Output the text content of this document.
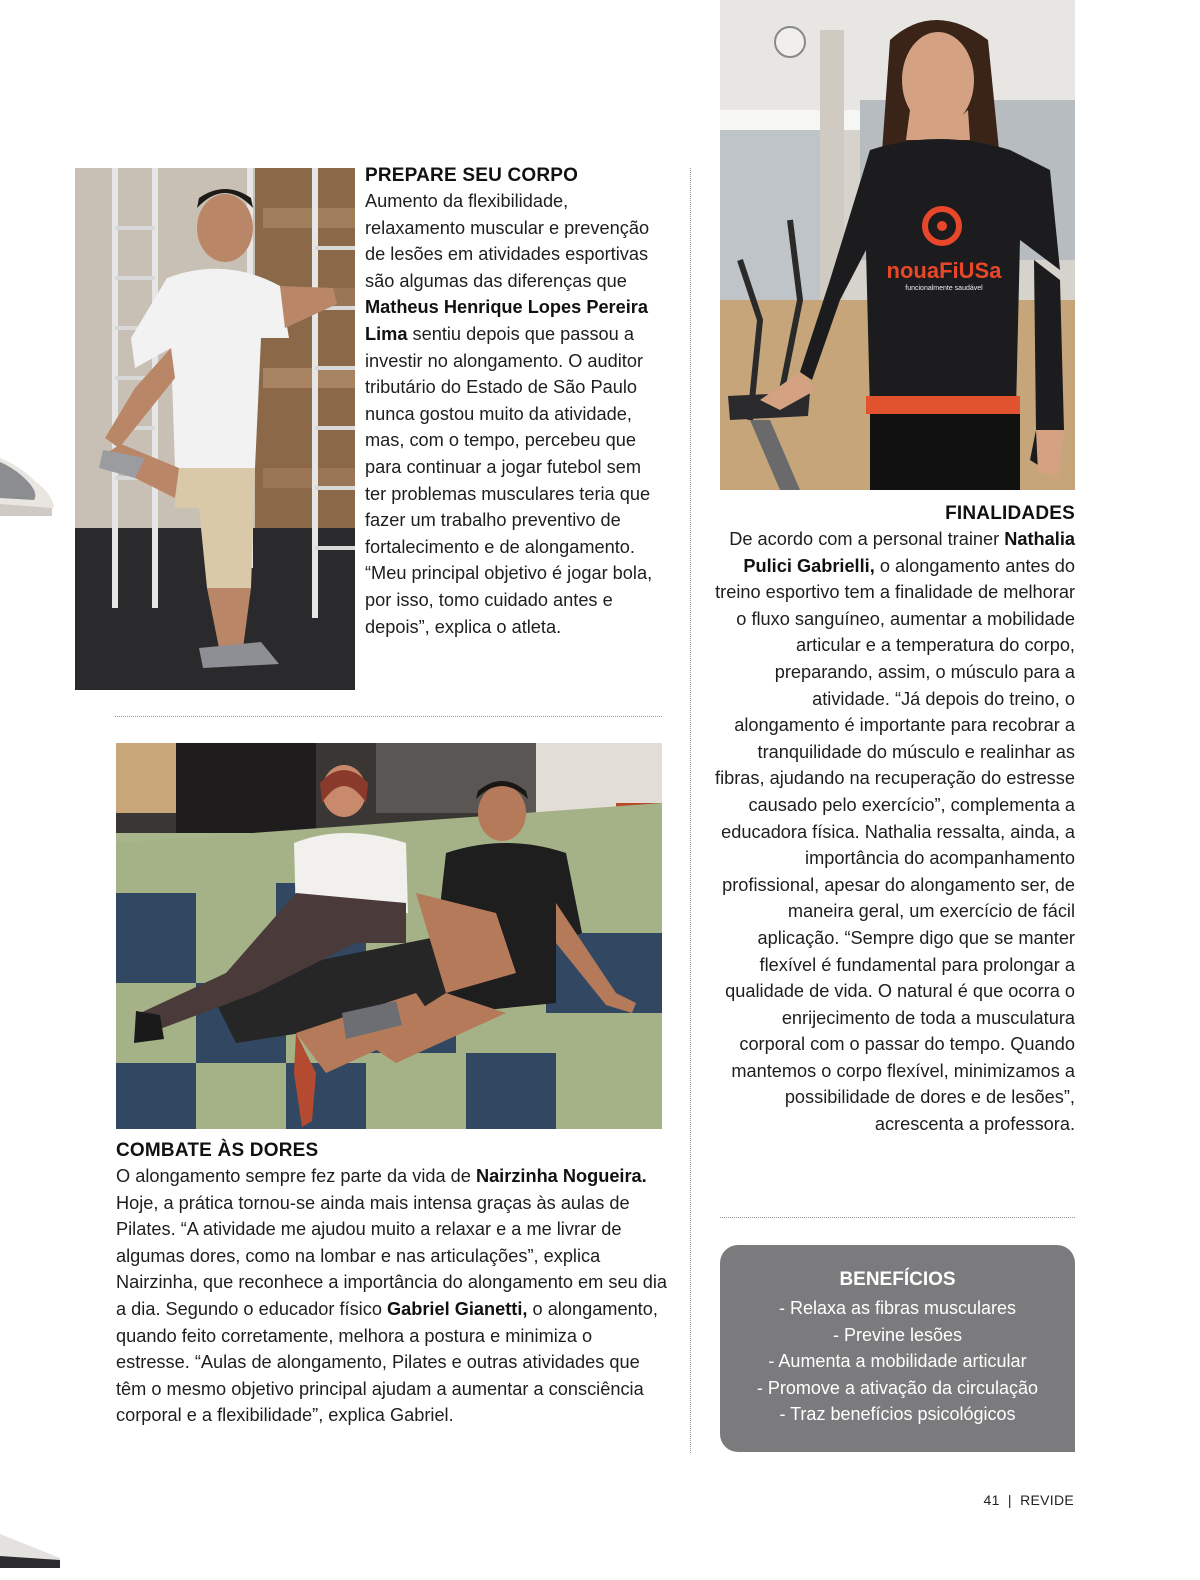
PREPARE SEU CORPO

Aumento da flexibilidade, relaxamento muscular e prevenção de lesões em atividades esportivas são algumas das diferenças que Matheus Henrique Lopes Pereira Lima sentiu depois que passou a investir no alongamento. O auditor tributário do Estado de São Paulo nunca gostou muito da atividade, mas, com o tempo, percebeu que para continuar a jogar futebol sem ter problemas musculares teria que fazer um trabalho preventivo de fortalecimento e de alongamento. “Meu principal objetivo é jogar bola, por isso, tomo cuidado antes e depois”, explica o atleta.

COMBATE ÀS DORES

O alongamento sempre fez parte da vida de Nairzinha Nogueira. Hoje, a prática tornou-se ainda mais intensa graças às aulas de Pilates. “A atividade me ajudou muito a relaxar e a me livrar de algumas dores, como na lombar e nas articulações”, explica Nairzinha, que reconhece a importância do alongamento em seu dia a dia. Segundo o educador físico Gabriel Gianetti, o alongamento, quando feito corretamente, melhora a postura e minimiza o estresse. “Aulas de alongamento, Pilates e outras atividades que têm o mesmo objetivo principal ajudam a aumentar a consciência corporal e a flexibilidade”, explica Gabriel.

nouaFiUSa
funcionalmente saudável

FINALIDADES

De acordo com a personal trainer Nathalia Pulici Gabrielli, o alongamento antes do treino esportivo tem a finalidade de melhorar o fluxo sanguíneo, aumentar a mobilidade articular e a temperatura do corpo, preparando, assim, o músculo para a atividade. “Já depois do treino, o alongamento é importante para recobrar a tranquilidade do músculo e realinhar as fibras, ajudando na recuperação do estresse causado pelo exercício”, complementa a educadora física. Nathalia ressalta, ainda, a importância do acompanhamento profissional, apesar do alongamento ser, de maneira geral, um exercício de fácil aplicação. “Sempre digo que se manter flexível é fundamental para prolongar a qualidade de vida. O natural é que ocorra o enrijecimento de toda a musculatura corporal com o passar do tempo. Quando mantemos o corpo flexível, minimizamos a possibilidade de dores e de lesões”, acrescenta a professora.

BENEFÍCIOS
- Relaxa as fibras musculares
- Previne lesões
- Aumenta a mobilidade articular
- Promove a ativação da circulação
- Traz benefícios psicológicos
41 | REVIDE
